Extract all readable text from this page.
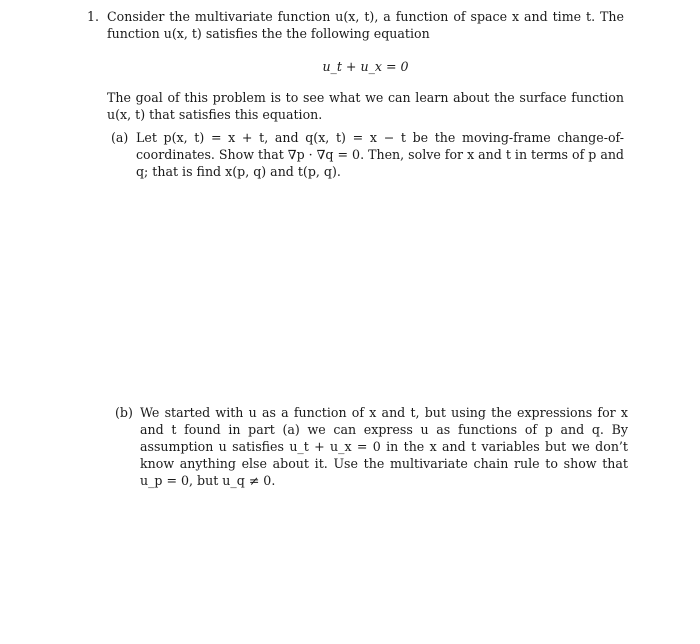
1. Consider the multivariate function u(x, t), a function of space x and time t. The function u(x, t) satisfies the the following equation

u_t + u_x = 0

The goal of this problem is to see what we can learn about the surface function u(x, t) that satisfies this equation.

(a) Let p(x, t) = x + t, and q(x, t) = x − t be the moving-frame change-of-coordinates. Show that ∇p · ∇q = 0. Then, solve for x and t in terms of p and q; that is find x(p, q) and t(p, q).
(b) We started with u as a function of x and t, but using the expressions for x and t found in part (a) we can express u as functions of p and q. By assumption u satisfies u_t + u_x = 0 in the x and t variables but we don’t know anything else about it. Use the multivariate chain rule to show that u_p = 0, but u_q ≠ 0.
